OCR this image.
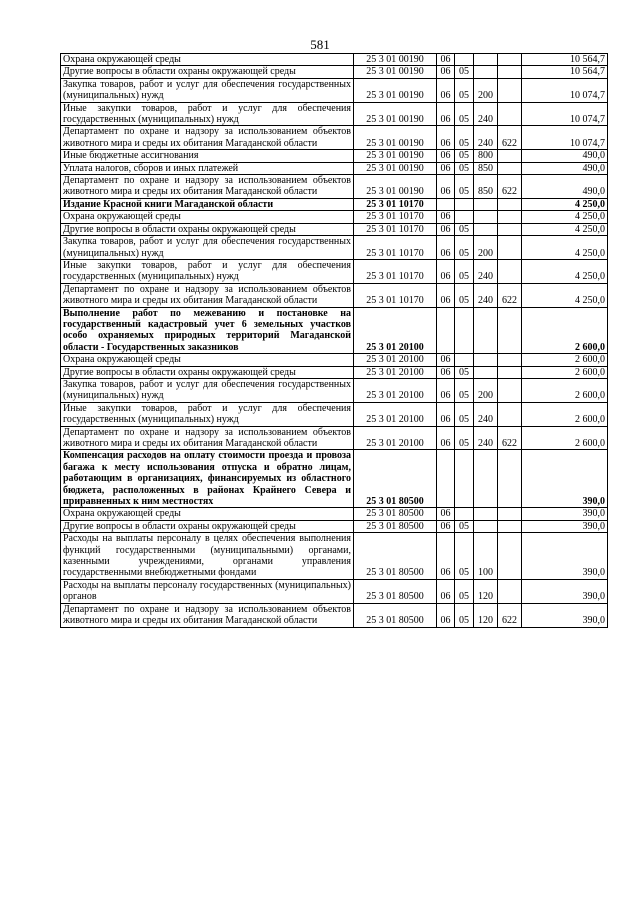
581
Охрана окружающей среды	25 3 01 00190	06				10 564,7
Другие вопросы в области охраны окружающей среды	25 3 01 00190	06	05			10 564,7
Закупка товаров, работ и услуг для обеспечения государственных (муниципальных) нужд	25 3 01 00190	06	05	200		10 074,7
Иные закупки товаров, работ и услуг для обеспечения государственных (муниципальных) нужд	25 3 01 00190	06	05	240		10 074,7
Департамент по охране и надзору за использованием объектов животного мира и среды их обитания Магаданской области	25 3 01 00190	06	05	240	622	10 074,7
Иные бюджетные ассигнования	25 3 01 00190	06	05	800		490,0
Уплата налогов, сборов и иных платежей	25 3 01 00190	06	05	850		490,0
Департамент по охране и надзору за использованием объектов животного мира и среды их обитания Магаданской области	25 3 01 00190	06	05	850	622	490,0
Издание Красной книги Магаданской области	25 3 01 10170					4 250,0
Охрана окружающей среды	25 3 01 10170	06				4 250,0
Другие вопросы в области охраны окружающей среды	25 3 01 10170	06	05			4 250,0
Закупка товаров, работ и услуг для обеспечения государственных (муниципальных) нужд	25 3 01 10170	06	05	200		4 250,0
Иные закупки товаров, работ и услуг для обеспечения государственных (муниципальных) нужд	25 3 01 10170	06	05	240		4 250,0
Департамент по охране и надзору за использованием объектов животного мира и среды их обитания Магаданской области	25 3 01 10170	06	05	240	622	4 250,0
Выполнение работ по межеванию и постановке на государственный кадастровый учет 6 земельных участков особо охраняемых природных территорий Магаданской области - Государственных заказников	25 3 01 20100					2 600,0
Охрана окружающей среды	25 3 01 20100	06				2 600,0
Другие вопросы в области охраны окружающей среды	25 3 01 20100	06	05			2 600,0
Закупка товаров, работ и услуг для обеспечения государственных (муниципальных) нужд	25 3 01 20100	06	05	200		2 600,0
Иные закупки товаров, работ и услуг для обеспечения государственных (муниципальных) нужд	25 3 01 20100	06	05	240		2 600,0
Департамент по охране и надзору за использованием объектов животного мира и среды их обитания Магаданской области	25 3 01 20100	06	05	240	622	2 600,0
Компенсация расходов на оплату стоимости проезда и провоза багажа к месту использования отпуска и обратно лицам, работающим в организациях, финансируемых из областного бюджета, расположенных в районах Крайнего Севера и приравненных к ним местностях	25 3 01 80500					390,0
Охрана окружающей среды	25 3 01 80500	06				390,0
Другие вопросы в области охраны окружающей среды	25 3 01 80500	06	05			390,0
Расходы на выплаты персоналу в целях обеспечения выполнения функций государственными (муниципальными) органами, казенными учреждениями, органами управления государственными внебюджетными фондами	25 3 01 80500	06	05	100		390,0
Расходы на выплаты персоналу государственных (муниципальных) органов	25 3 01 80500	06	05	120		390,0
Департамент по охране и надзору за использованием объектов животного мира и среды их обитания Магаданской области	25 3 01 80500	06	05	120	622	390,0
